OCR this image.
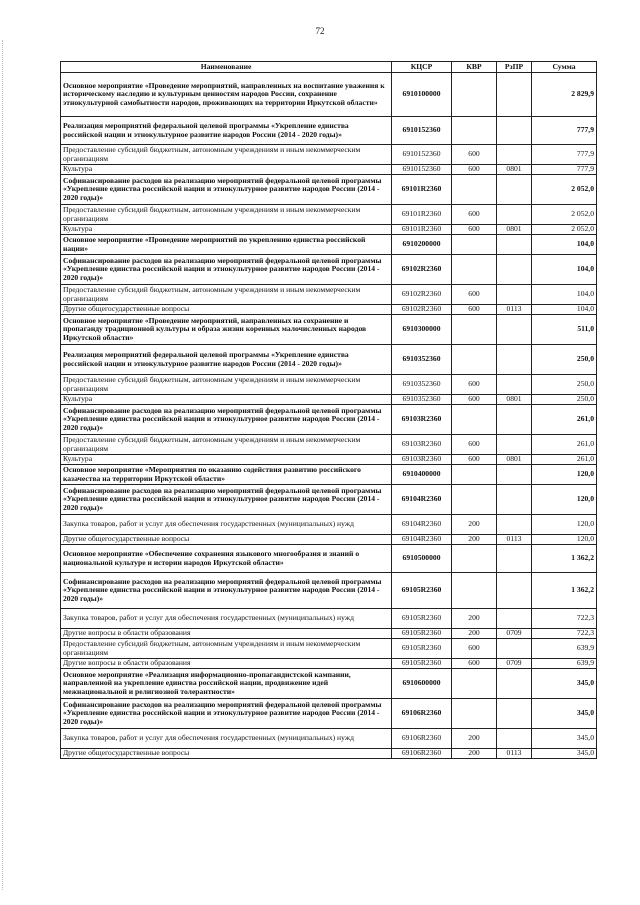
72
Наименование	КЦСР	КВР	РзПР	Сумма
Основное мероприятие «Проведение мероприятий, направленных на воспитание уважения к историческому наследию и культурным ценностям народов России, сохранение этнокультурной самобытности народов, проживающих на территории Иркутской области»	6910100000			2 829,9
Реализация мероприятий федеральной целевой программы «Укрепление единства российской нации и этнокультурное развитие народов России (2014 - 2020 годы)»	6910152360			777,9
Предоставление субсидий бюджетным, автономным учреждениям и иным некоммерческим организациям	6910152360	600		777,9
Культура	6910152360	600	0801	777,9
Софинансирование расходов на реализацию мероприятий федеральной целевой программы «Укрепление единства российской нации и этнокультурное развитие народов России (2014 - 2020 годы)»	69101R2360			2 052,0
Предоставление субсидий бюджетным, автономным учреждениям и иным некоммерческим организациям	69101R2360	600		2 052,0
Культура	69101R2360	600	0801	2 052,0
Основное мероприятие «Проведение мероприятий по укреплению единства российской нации»	6910200000			104,0
Софинансирование расходов на реализацию мероприятий федеральной целевой программы «Укрепление единства российской нации и этнокультурное развитие народов России (2014 - 2020 годы)»	69102R2360			104,0
Предоставление субсидий бюджетным, автономным учреждениям и иным некоммерческим организациям	69102R2360	600		104,0
Другие общегосударственные вопросы	69102R2360	600	0113	104,0
Основное мероприятие «Проведение мероприятий, направленных на сохранение и пропаганду традиционной культуры и образа жизни коренных малочисленных народов Иркутской области»	6910300000			511,0
Реализация мероприятий федеральной целевой программы «Укрепление единства российской нации и этнокультурное развитие народов России (2014 - 2020 годы)»	6910352360			250,0
Предоставление субсидий бюджетным, автономным учреждениям и иным некоммерческим организациям	6910352360	600		250,0
Культура	6910352360	600	0801	250,0
Софинансирование расходов на реализацию мероприятий федеральной целевой программы «Укрепление единства российской нации и этнокультурное развитие народов России (2014 - 2020 годы)»	69103R2360			261,0
Предоставление субсидий бюджетным, автономным учреждениям и иным некоммерческим организациям	69103R2360	600		261,0
Культура	69103R2360	600	0801	261,0
Основное мероприятие «Мероприятия по оказанию содействия развитию российского казачества на территории Иркутской области»	6910400000			120,0
Софинансирование расходов на реализацию мероприятий федеральной целевой программы «Укрепление единства российской нации и этнокультурное развитие народов России (2014 - 2020 годы)»	69104R2360			120,0
Закупка товаров, работ и услуг для обеспечения государственных (муниципальных) нужд	69104R2360	200		120,0
Другие общегосударственные вопросы	69104R2360	200	0113	120,0
Основное мероприятие «Обеспечение сохранения языкового многообразия и знаний о национальной культуре и истории народов Иркутской области»	6910500000			1 362,2
Софинансирование расходов на реализацию мероприятий федеральной целевой программы «Укрепление единства российской нации и этнокультурное развитие народов России (2014 - 2020 годы)»	69105R2360			1 362,2
Закупка товаров, работ и услуг для обеспечения государственных (муниципальных) нужд	69105R2360	200		722,3
Другие вопросы в области образования	69105R2360	200	0709	722,3
Предоставление субсидий бюджетным, автономным учреждениям и иным некоммерческим организациям	69105R2360	600		639,9
Другие вопросы в области образования	69105R2360	600	0709	639,9
Основное мероприятие «Реализация информационно-пропагандистской кампании, направленной на укрепление единства российской нации, продвижение идей межнациональной и религиозной толерантности»	6910600000			345,0
Софинансирование расходов на реализацию мероприятий федеральной целевой программы «Укрепление единства российской нации и этнокультурное развитие народов России (2014 - 2020 годы)»	69106R2360			345,0
Закупка товаров, работ и услуг для обеспечения государственных (муниципальных) нужд	69106R2360	200		345,0
Другие общегосударственные вопросы	69106R2360	200	0113	345,0
